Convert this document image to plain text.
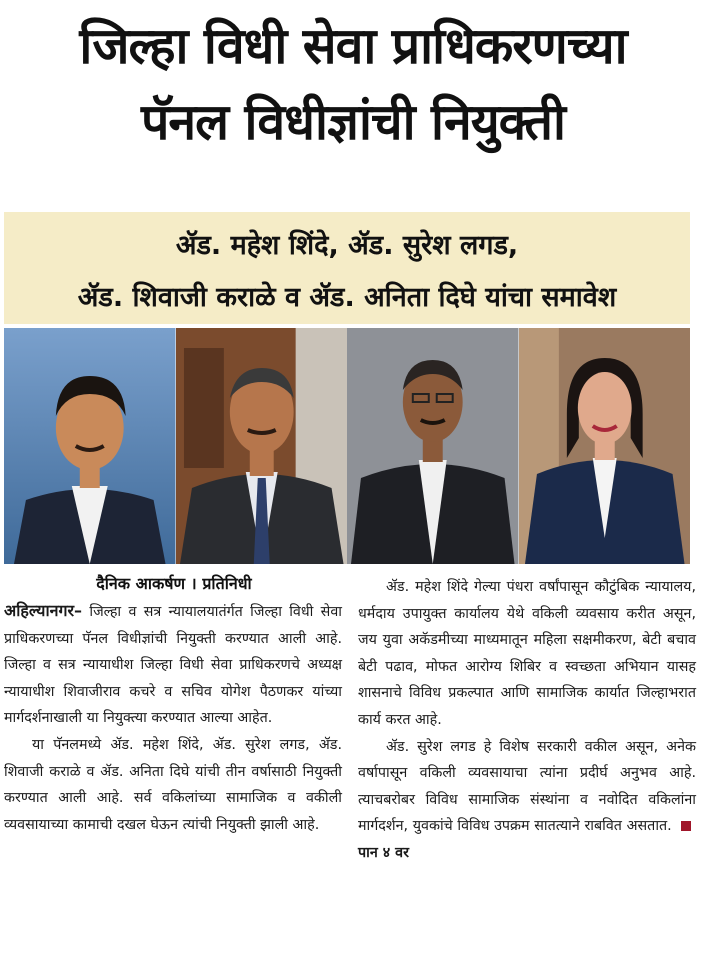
जिल्हा विधी सेवा प्राधिकरणच्या
पॅनल विधीज्ञांची नियुक्ती
ॲड. महेश शिंदे, ॲड. सुरेश लगड,
ॲड. शिवाजी कराळे व ॲड. अनिता दिघे यांचा समावेश
दैनिक आकर्षण । प्रतिनिधी

अहिल्यानगर– जिल्हा व सत्र न्यायालयातंर्गत जिल्हा विधी सेवा प्राधिकरणच्या पॅनल विधीज्ञांची नियुक्ती करण्यात आली आहे. जिल्हा व सत्र न्यायाधीश जिल्हा विधी सेवा प्राधिकरणचे अध्यक्ष न्यायाधीश शिवाजीराव कचरे व सचिव योगेश पैठणकर यांच्या मार्गदर्शनाखाली या नियुक्त्या करण्यात आल्या आहेत.

या पॅनलमध्ये ॲड. महेश शिंदे, ॲड. सुरेश लगड, ॲड. शिवाजी कराळे व ॲड. अनिता दिघे यांची तीन वर्षासाठी नियुक्ती करण्यात आली आहे. सर्व वकिलांच्या सामाजिक व वकीली व्यवसायाच्या कामाची दखल घेऊन त्यांची नियुक्ती झाली आहे.

ॲड. महेश शिंदे गेल्या पंधरा वर्षांपासून कौटुंबिक न्यायालय, धर्मदाय उपायुक्त कार्यालय येथे वकिली व्यवसाय करीत असून, जय युवा अकॅडमीच्या माध्यमातून महिला सक्षमीकरण, बेटी बचाव बेटी पढाव, मोफत आरोग्य शिबिर व स्वच्छता अभियान यासह शासनाचे विविध प्रकल्पात आणि सामाजिक कार्यात जिल्हाभरात कार्य करत आहे.

ॲड. सुरेश लगड हे विशेष सरकारी वकील असून, अनेक वर्षापासून वकिली व्यवसायाचा त्यांना प्रदीर्घ अनुभव आहे. त्याचबरोबर विविध सामाजिक संस्थांना व नवोदित वकिलांना मार्गदर्शन, युवकांचे विविध उपक्रम सातत्याने राबवित असतात.  पान ४ वर
